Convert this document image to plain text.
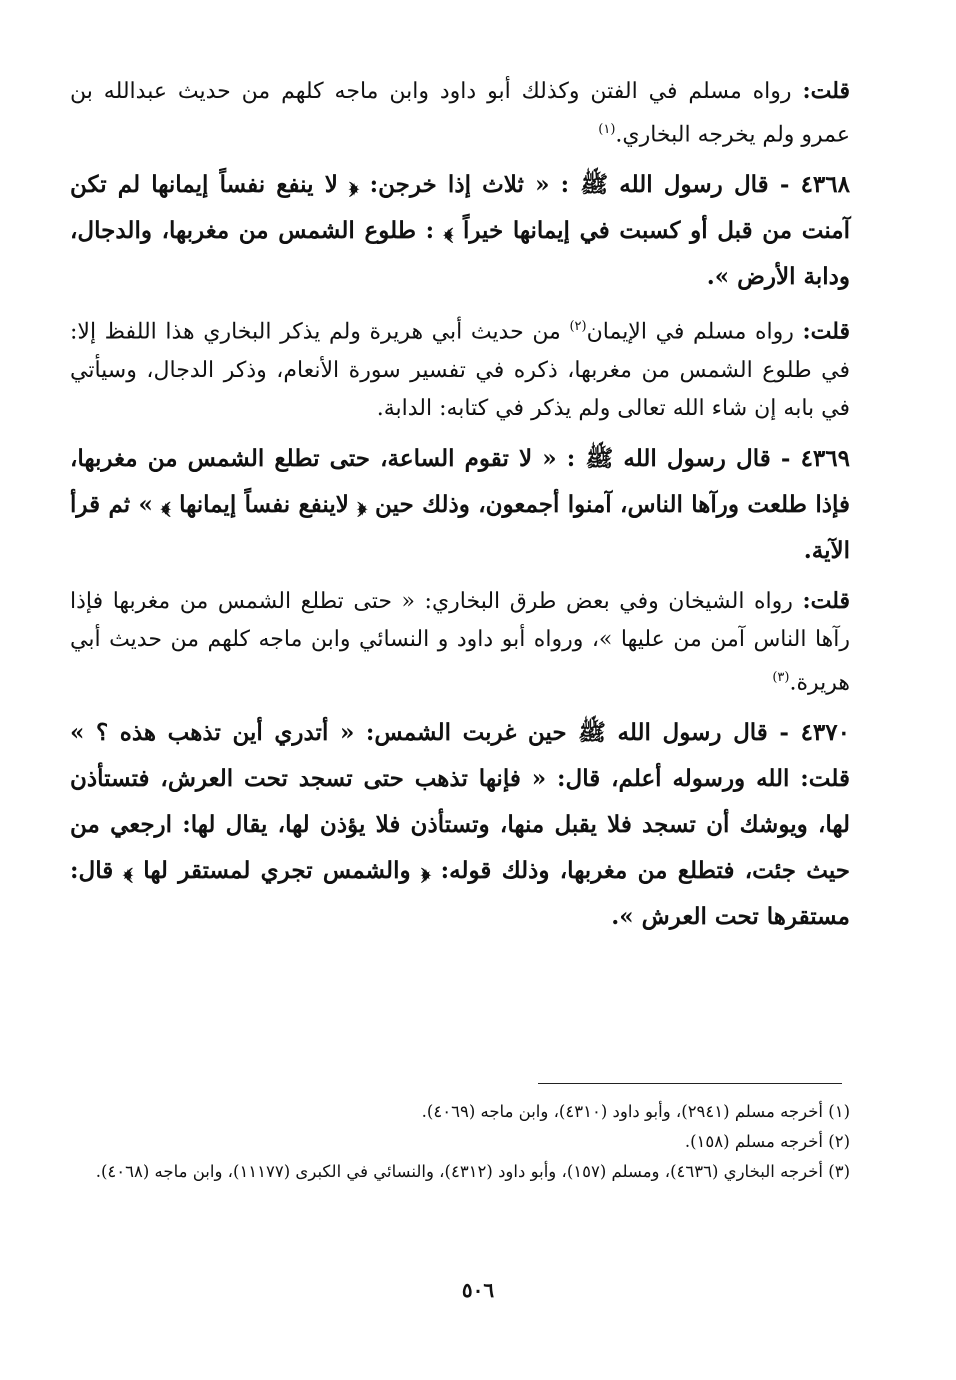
قلت: رواه مسلم في الفتن وكذلك أبو داود وابن ماجه كلهم من حديث عبدالله بن عمرو ولم يخرجه البخاري.$^{(١)}$

٤٣٦٨ - قال رسول الله ﷺ : « ثلاث إذا خرجن: ﴿ لا ينفع نفساً إيمانها لم تكن آمنت من قبل أو كسبت في إيمانها خيراً ﴾ : طلوع الشمس من مغربها، والدجال، ودابة الأرض ».

قلت: رواه مسلم في الإيمان$^{(٢)}$ من حديث أبي هريرة ولم يذكر البخاري هذا اللفظ إلا: في طلوع الشمس من مغربها، ذكره في تفسير سورة الأنعام، وذكر الدجال، وسيأتي في بابه إن شاء الله تعالى ولم يذكر في كتابه: الدابة.

٤٣٦٩ - قال رسول الله ﷺ : « لا تقوم الساعة، حتى تطلع الشمس من مغربها، فإذا طلعت ورآها الناس، آمنوا أجمعون، وذلك حين ﴿ لاينفع نفساً إيمانها ﴾ » ثم قرأ الآية.

قلت: رواه الشيخان وفي بعض طرق البخاري: « حتى تطلع الشمس من مغربها فإذا رآها الناس آمن من عليها »، ورواه أبو داود و النسائي وابن ماجه كلهم من حديث أبي هريرة.$^{(٣)}$

٤٣٧٠ - قال رسول الله ﷺ حين غربت الشمس: « أتدري أين تذهب هذه ؟ » قلت: الله ورسوله أعلم، قال: « فإنها تذهب حتى تسجد تحت العرش، فتستأذن لها، ويوشك أن تسجد فلا يقبل منها، وتستأذن فلا يؤذن لها، يقال لها: ارجعي من حيث جئت، فتطلع من مغربها، وذلك قوله: ﴿ والشمس تجري لمستقر لها ﴾ قال: مستقرها تحت العرش ».

(١) أخرجه مسلم (٢٩٤١)، وأبو داود (٤٣١٠)، وابن ماجه (٤٠٦٩).

(٢) أخرجه مسلم (١٥٨).

(٣) أخرجه البخاري (٤٦٣٦)، ومسلم (١٥٧)، وأبو داود (٤٣١٢)، والنسائي في الكبرى (١١١٧٧)، وابن ماجه (٤٠٦٨).

٥٠٦
